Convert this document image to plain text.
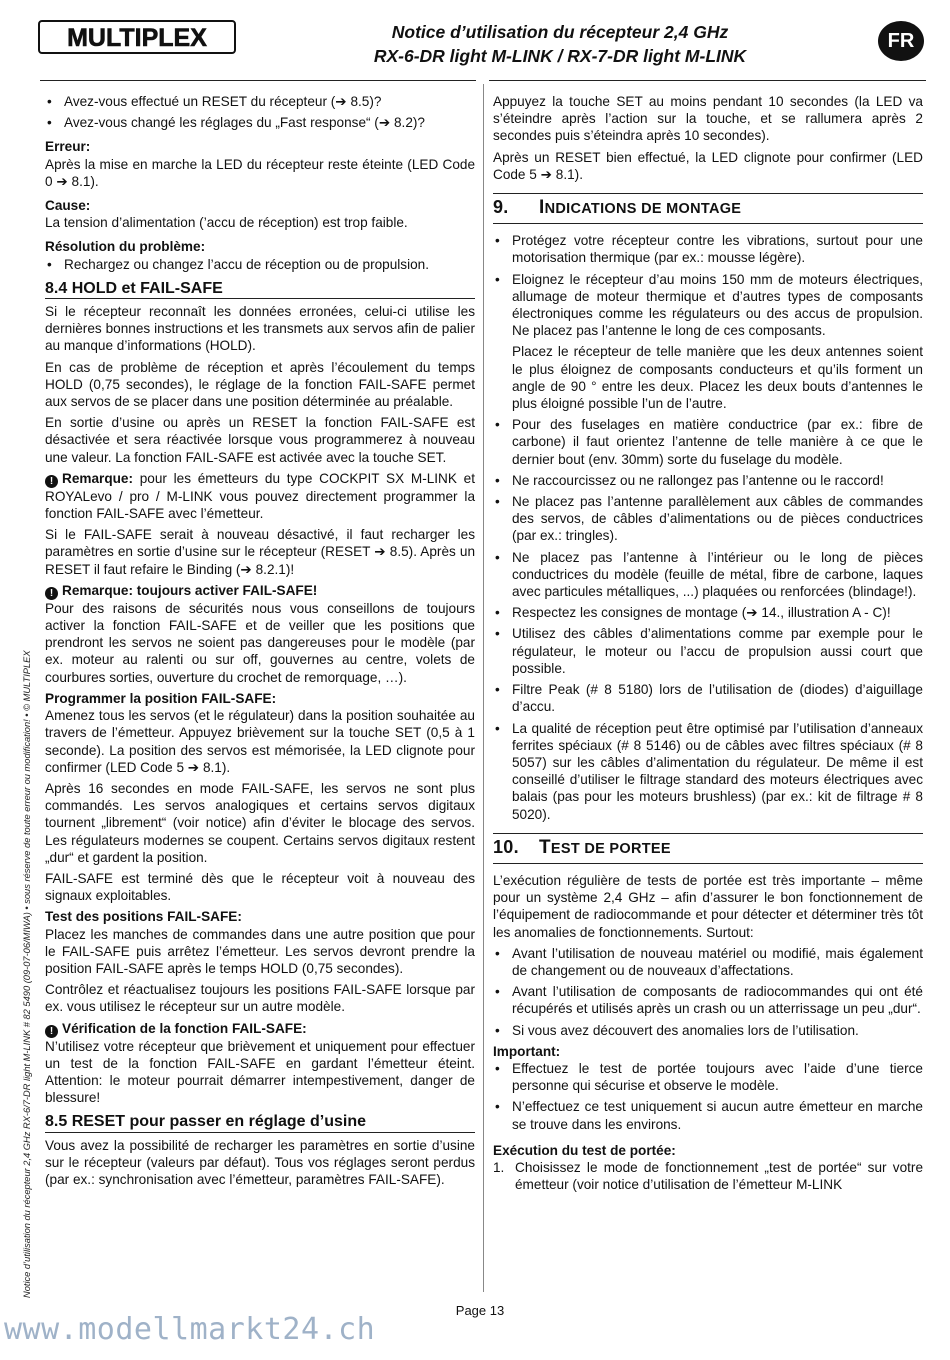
MULTIPLEX	Notice d’utilisation du récepteur 2,4 GHz
RX-6-DR light M-LINK / RX-7-DR light M-LINK
FR
Notice d’utilisation du récepteur 2,4 GHz RX-6/7-DR light M-LINK # 82 5490 (09-07-06/MIWA) • sous réserve de toute erreur ou modification! • © MULTIPLEX
• Avez-vous effectué un RESET du récepteur (➔ 8.5)?
• Avez-vous changé les réglages du „Fast response“ (➔ 8.2)?
Erreur:

Après la mise en marche la LED du récepteur reste éteinte (LED Code 0 ➔ 8.1).

Cause:

La tension d’alimentation (’accu de réception) est trop faible.

Résolution du problème:
• Rechargez ou changez l’accu de réception ou de propulsion.
8.4 HOLD et FAIL-SAFE

Si le récepteur reconnaît les données erronées, celui-ci utilise les dernières bonnes instructions et les transmets aux servos afin de palier au manque d’informations (HOLD).

En cas de problème de réception et après l’écoulement du temps HOLD (0,75 secondes), le réglage de la fonction FAIL-SAFE permet aux servos de se placer dans une position déterminée au préalable.

En sortie d’usine ou après un RESET la fonction FAIL-SAFE est désactivée et sera réactivée lorsque vous programmerez à nouveau une valeur. La fonction FAIL-SAFE est activée avec la touche SET.

! Remarque: pour les émetteurs du type COCKPIT SX M-LINK et ROYALevo / pro / M-LINK vous pouvez directement programmer la fonction FAIL-SAFE avec l’émetteur.

Si le FAIL-SAFE serait à nouveau désactivé, il faut recharger les paramètres en sortie d’usine sur le récepteur (RESET ➔ 8.5). Après un RESET il faut refaire le Binding (➔ 8.2.1)!

! Remarque: toujours activer FAIL-SAFE!

Pour des raisons de sécurités nous vous conseillons de toujours activer la fonction FAIL-SAFE et de veiller que les positions que prendront les servos ne soient pas dangereuses pour le modèle (par ex. moteur au ralenti ou sur off, gouvernes au centre, volets de courbures sorties, ouverture du crochet de remorquage, …).

Programmer la position FAIL-SAFE:

Amenez tous les servos (et le régulateur) dans la position souhaitée au travers de l’émetteur. Appuyez brièvement sur la touche SET (0,5 à 1 seconde). La position des servos est mémorisée, la LED clignote pour confirmer (LED Code 5 ➔ 8.1).

Après 16 secondes en mode FAIL-SAFE, les servos ne sont plus commandés. Les servos analogiques et certains servos digitaux tournent „librement“ (voir notice) afin d’éviter le blocage des servos. Les régulateurs modernes se coupent. Certains servos digitaux restent „dur“ et gardent la position.

FAIL-SAFE est terminé dès que le récepteur voit à nouveau des signaux exploitables.

Test des positions FAIL-SAFE:

Placez les manches de commandes dans une autre position que pour le FAIL-SAFE puis arrêtez l’émetteur. Les servos devront prendre la position FAIL-SAFE après le temps HOLD (0,75 secondes).

Contrôlez et réactualisez toujours les positions FAIL-SAFE lorsque par ex. vous utilisez le récepteur sur un autre modèle.

! Vérification de la fonction FAIL-SAFE:

N’utilisez votre récepteur que brièvement et uniquement pour effectuer un test de la fonction FAIL-SAFE en gardant l’émetteur éteint. Attention: le moteur pourrait démarrer intempestivement, danger de blessure!

8.5 RESET pour passer en réglage d’usine

Vous avez la possibilité de recharger les paramètres en sortie d’usine sur le récepteur (valeurs par défaut). Tous vos réglages seront perdus (par ex.: synchronisation avec l’émetteur, paramètres FAIL-SAFE).

Appuyez la touche SET au moins pendant 10 secondes (la LED va s’éteindre après l’action sur la touche, et se rallumera après 2 secondes puis s’éteindra après 10 secondes).

Après un RESET bien effectué, la LED clignote pour confirmer (LED Code 5 ➔ 8.1).

9. INDICATIONS DE MONTAGE
• Protégez votre récepteur contre les vibrations, surtout pour une motorisation thermique (par ex.: mousse légère).
• Eloignez le récepteur d’au moins 150 mm de moteurs électriques, allumage de moteur thermique et d’autres types de composants électroniques comme les régulateurs ou des accus de propulsion. Ne placez pas l’antenne le long de ces composants.
Placez le récepteur de telle manière que les deux antennes soient le plus éloignez de composants conducteurs et qu’ils forment un angle de 90 ° entre les deux. Placez les deux bouts d’antennes le plus éloigné possible l’un de l’autre.
• Pour des fuselages en matière conductrice (par ex.: fibre de carbone) il faut orientez l’antenne de telle manière à ce que le dernier bout (env. 30mm) sorte du fuselage du modèle.
• Ne raccourcissez ou ne rallongez pas l’antenne ou le raccord!
• Ne placez pas l’antenne parallèlement aux câbles de commandes des servos, de câbles d’alimentations ou de pièces conductrices (par ex.: tringles).
• Ne placez pas l’antenne à l’intérieur ou le long de pièces conductrices du modèle (feuille de métal, fibre de carbone, laques avec particules métalliques, ...) plaquées ou renforcées (blindage!).
• Respectez les consignes de montage (➔ 14., illustration A - C)!
• Utilisez des câbles d’alimentations comme par exemple pour le régulateur, le moteur ou l’accu de propulsion aussi court que possible.
• Filtre Peak (# 8 5180) lors de l’utilisation de (diodes) d’aiguillage d’accu.
• La qualité de réception peut être optimisé par l’utilisation d’anneaux ferrites spéciaux (# 8 5146) ou de câbles avec filtres spéciaux (# 8 5057) sur les câbles d’alimentation du régulateur. De même il est conseillé d’utiliser le filtrage standard des moteurs électriques avec balais (pas pour les moteurs brushless) (par ex.: kit de filtrage # 8 5020).
10. TEST DE PORTEE

L’exécution régulière de tests de portée est très importante – même pour un système 2,4 GHz – afin d’assurer le bon fonctionnement de l’équipement de radiocommande et pour détecter et déterminer très tôt les anomalies de fonctionnements. Surtout:

• Avant l’utilisation de nouveau matériel ou modifié, mais également de changement ou de nouveaux d’affectations.
• Avant l’utilisation de composants de radiocommandes qui ont été récupérés et utilisés après un crash ou un atterrissage un peu „dur“.
• Si vous avez découvert des anomalies lors de l’utilisation.
Important:
• Effectuez le test de portée toujours avec l’aide d’une tierce personne qui sécurise et observe le modèle.
• N’effectuez ce test uniquement si aucun autre émetteur en marche se trouve dans les environs.
Exécution du test de portée:
1. Choisissez le mode de fonctionnement „test de portée“ sur votre émetteur (voir notice d’utilisation de l’émetteur M-LINK
Page 13
www.modellmarkt24.ch
